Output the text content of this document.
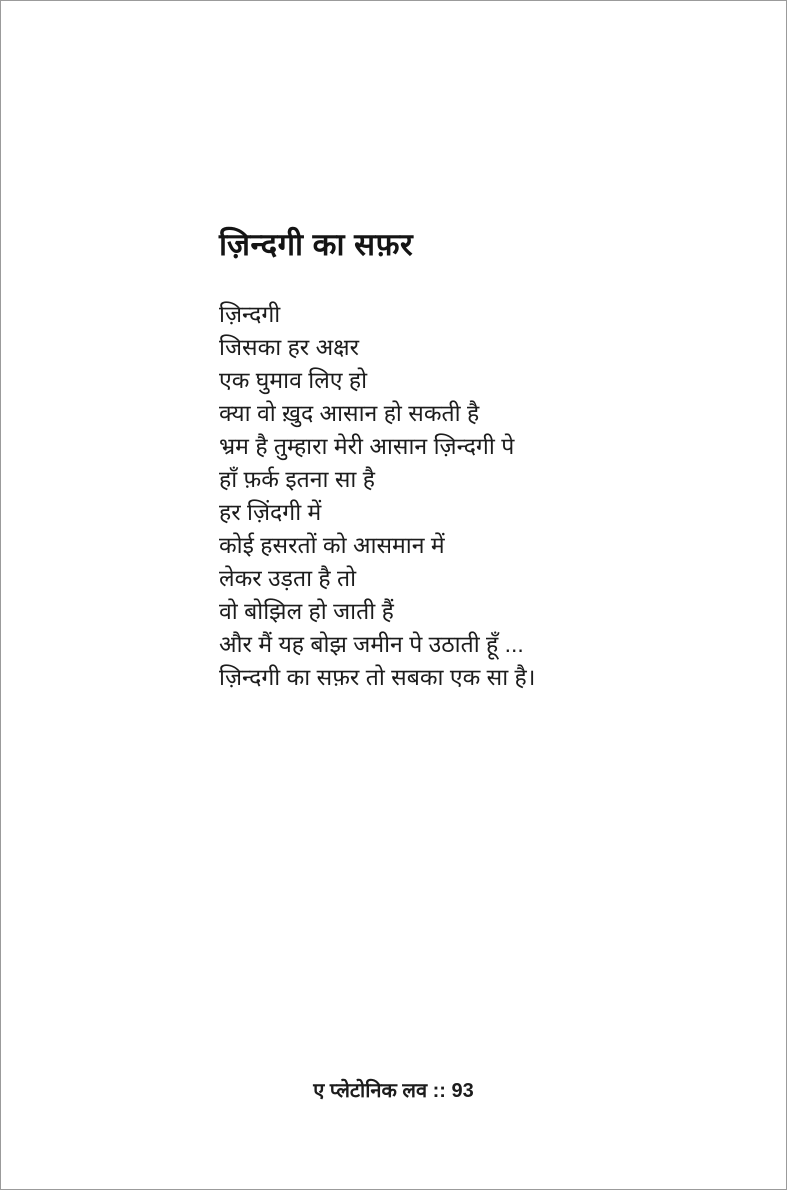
ज़िन्दगी का सफ़र
ज़िन्दगी
जिसका हर अक्षर
एक घुमाव लिए हो
क्या वो ख़ुद आसान हो सकती है
भ्रम है तुम्हारा मेरी आसान ज़िन्दगी पे
हाँ फ़र्क इतना सा है
हर ज़िंदगी में
कोई हसरतों को आसमान में
लेकर उड़ता है तो
वो बोझिल हो जाती हैं
और मैं यह बोझ जमीन पे उठाती हूँ ...
ज़िन्दगी का सफ़र तो सबका एक सा है।
ए प्लेटोनिक लव :: 93
